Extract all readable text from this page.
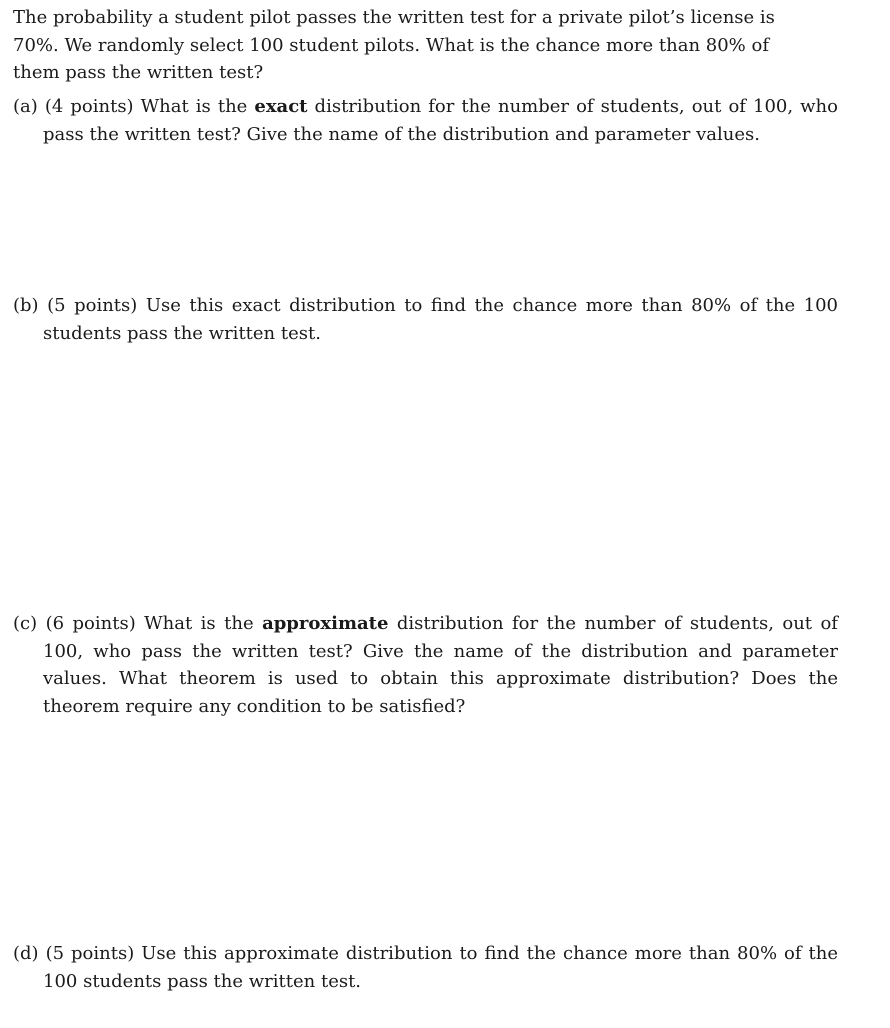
The probability a student pilot passes the written test for a private pilot’s license is 70%. We randomly select 100 student pilots. What is the chance more than 80% of them pass the written test?

(a) (4 points) What is the exact distribution for the number of students, out of 100, who pass the written test? Give the name of the distribution and parameter values.

(b) (5 points) Use this exact distribution to find the chance more than 80% of the 100 students pass the written test.

(c) (6 points) What is the approximate distribution for the number of students, out of 100, who pass the written test? Give the name of the distribution and parameter values. What theorem is used to obtain this approximate distribution? Does the theorem require any condition to be satisfied?

(d) (5 points) Use this approximate distribution to find the chance more than 80% of the 100 students pass the written test.
